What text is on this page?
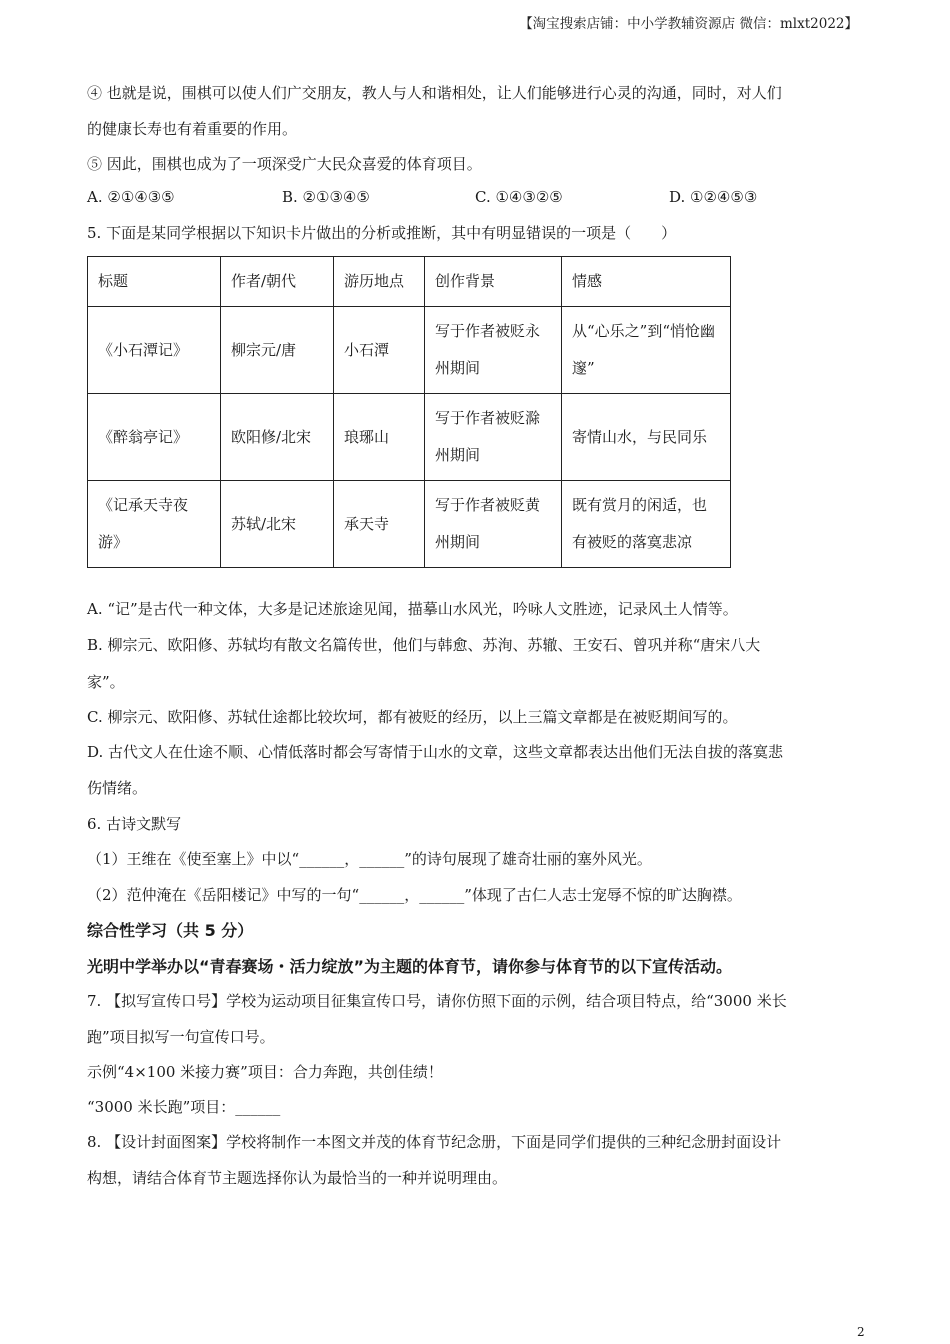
【淘宝搜索店铺：中小学教辅资源店 微信：mlxt2022】
④ 也就是说，围棋可以使人们广交朋友，教人与人和谐相处，让人们能够进行心灵的沟通，同时，对人们
的健康长寿也有着重要的作用。
⑤ 因此，围棋也成为了一项深受广大民众喜爱的体育项目。
A. ②①④③⑤	B. ②①③④⑤	C. ①④③②⑤	D. ①②④⑤③
5. 下面是某同学根据以下知识卡片做出的分析或推断，其中有明显错误的一项是（　　）
标题	作者/朝代	游历地点	创作背景	情感
《小石潭记》	柳宗元/唐	小石潭	写于作者被贬永州期间	从“心乐之”到“悄怆幽邃”
《醉翁亭记》	欧阳修/北宋	琅琊山	写于作者被贬滁州期间	寄情山水，与民同乐
《记承天寺夜游》	苏轼/北宋	承天寺	写于作者被贬黄州期间	既有赏月的闲适，也有被贬的落寞悲凉
A. “记”是古代一种文体，大多是记述旅途见闻，描摹山水风光，吟咏人文胜迹，记录风土人情等。
B. 柳宗元、欧阳修、苏轼均有散文名篇传世，他们与韩愈、苏洵、苏辙、王安石、曾巩并称“唐宋八大
家”。
C. 柳宗元、欧阳修、苏轼仕途都比较坎坷，都有被贬的经历，以上三篇文章都是在被贬期间写的。
D. 古代文人在仕途不顺、心情低落时都会写寄情于山水的文章，这些文章都表达出他们无法自拔的落寞悲
伤情绪。
6. 古诗文默写
（1）王维在《使至塞上》中以“______，______”的诗句展现了雄奇壮丽的塞外风光。
（2）范仲淹在《岳阳楼记》中写的一句“______，______”体现了古仁人志士宠辱不惊的旷达胸襟。
综合性学习（共 5 分）
光明中学举办以“青春赛场・活力绽放”为主题的体育节，请你参与体育节的以下宣传活动。
7. 【拟写宣传口号】学校为运动项目征集宣传口号，请你仿照下面的示例，结合项目特点，给“3000 米长
跑”项目拟写一句宣传口号。
示例“4×100 米接力赛”项目：合力奔跑，共创佳绩！
“3000 米长跑”项目：______
8. 【设计封面图案】学校将制作一本图文并茂的体育节纪念册，下面是同学们提供的三种纪念册封面设计
构想，请结合体育节主题选择你认为最恰当的一种并说明理由。
2
